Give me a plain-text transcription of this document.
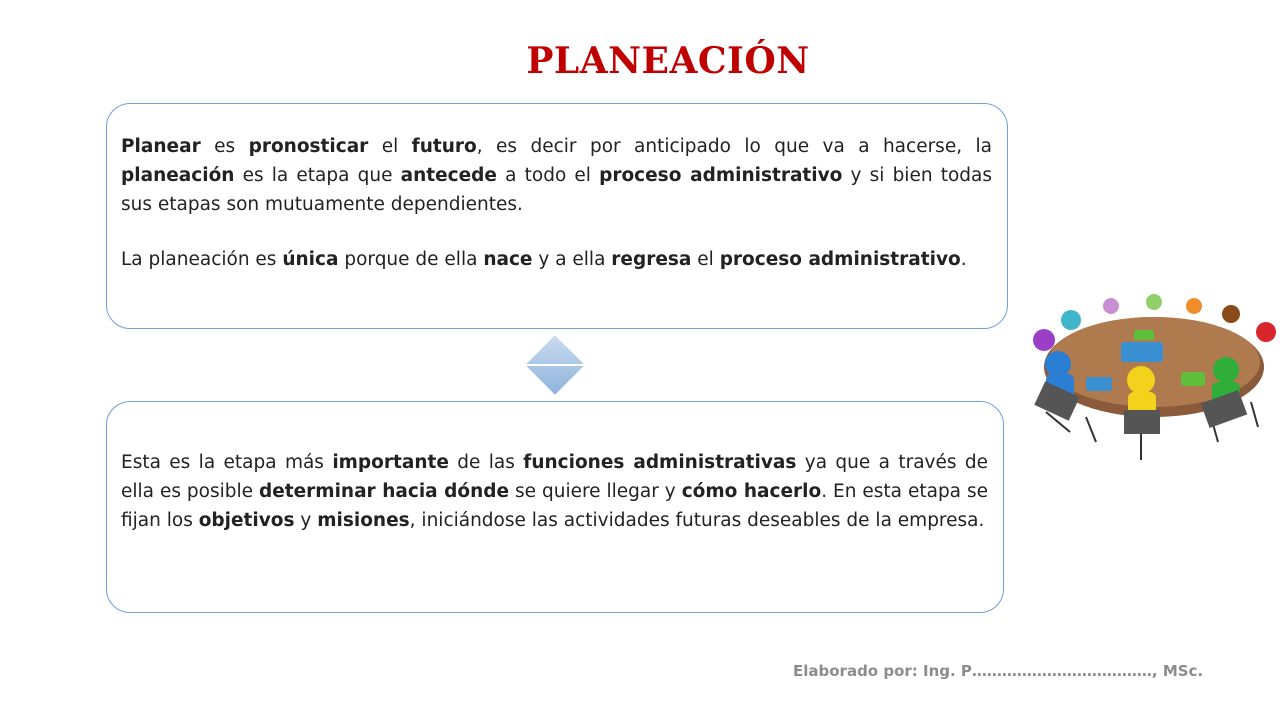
PLANEACIÓN

Planear es pronosticar el futuro, es decir por anticipado lo que va a hacerse, la planeación es la etapa que antecede a todo el proceso administrativo y si bien todas sus etapas son mutuamente dependientes.

La planeación es única porque de ella nace y a ella regresa el proceso administrativo.

Esta es la etapa más importante de las funciones administrativas ya que a través de ella es posible determinar hacia dónde se quiere llegar y cómo hacerlo. En esta etapa se fijan los objetivos y misiones, iniciándose las actividades futuras deseables de la empresa.

Elaborado por: Ing. P………………………………, MSc.
